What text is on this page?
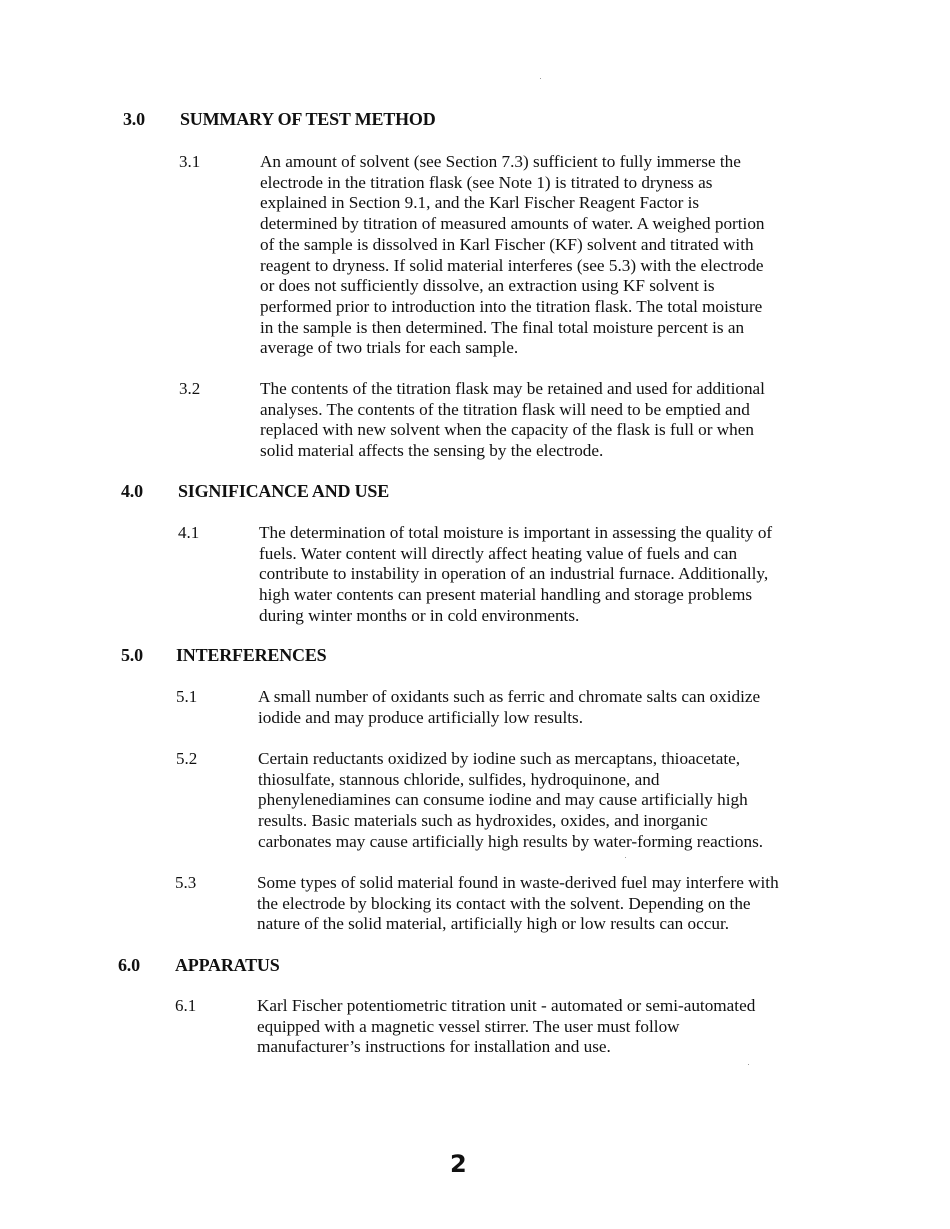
3.0 SUMMARY OF TEST METHOD
3.1	An amount of solvent (see Section 7.3) sufficient to fully immerse the
electrode in the titration flask (see Note 1) is titrated to dryness as
explained in Section 9.1, and the Karl Fischer Reagent Factor is
determined by titration of measured amounts of water. A weighed portion
of the sample is dissolved in Karl Fischer (KF) solvent and titrated with
reagent to dryness. If solid material interferes (see 5.3) with the electrode
or does not sufficiently dissolve, an extraction using KF solvent is
performed prior to introduction into the titration flask. The total moisture
in the sample is then determined. The final total moisture percent is an
average of two trials for each sample.
3.2	The contents of the titration flask may be retained and used for additional
analyses. The contents of the titration flask will need to be emptied and
replaced with new solvent when the capacity of the flask is full or when
solid material affects the sensing by the electrode.
4.0 SIGNIFICANCE AND USE
4.1	The determination of total moisture is important in assessing the quality of
fuels. Water content will directly affect heating value of fuels and can
contribute to instability in operation of an industrial furnace. Additionally,
high water contents can present material handling and storage problems
during winter months or in cold environments.
5.0 INTERFERENCES
5.1	A small number of oxidants such as ferric and chromate salts can oxidize
iodide and may produce artificially low results.
5.2	Certain reductants oxidized by iodine such as mercaptans, thioacetate,
thiosulfate, stannous chloride, sulfides, hydroquinone, and
phenylenediamines can consume iodine and may cause artificially high
results. Basic materials such as hydroxides, oxides, and inorganic
carbonates may cause artificially high results by water-forming reactions.
5.3	Some types of solid material found in waste-derived fuel may interfere with
the electrode by blocking its contact with the solvent. Depending on the
nature of the solid material, artificially high or low results can occur.
6.0 APPARATUS
6.1	Karl Fischer potentiometric titration unit - automated or semi-automated
equipped with a magnetic vessel stirrer. The user must follow
manufacturer’s instructions for installation and use.
2
